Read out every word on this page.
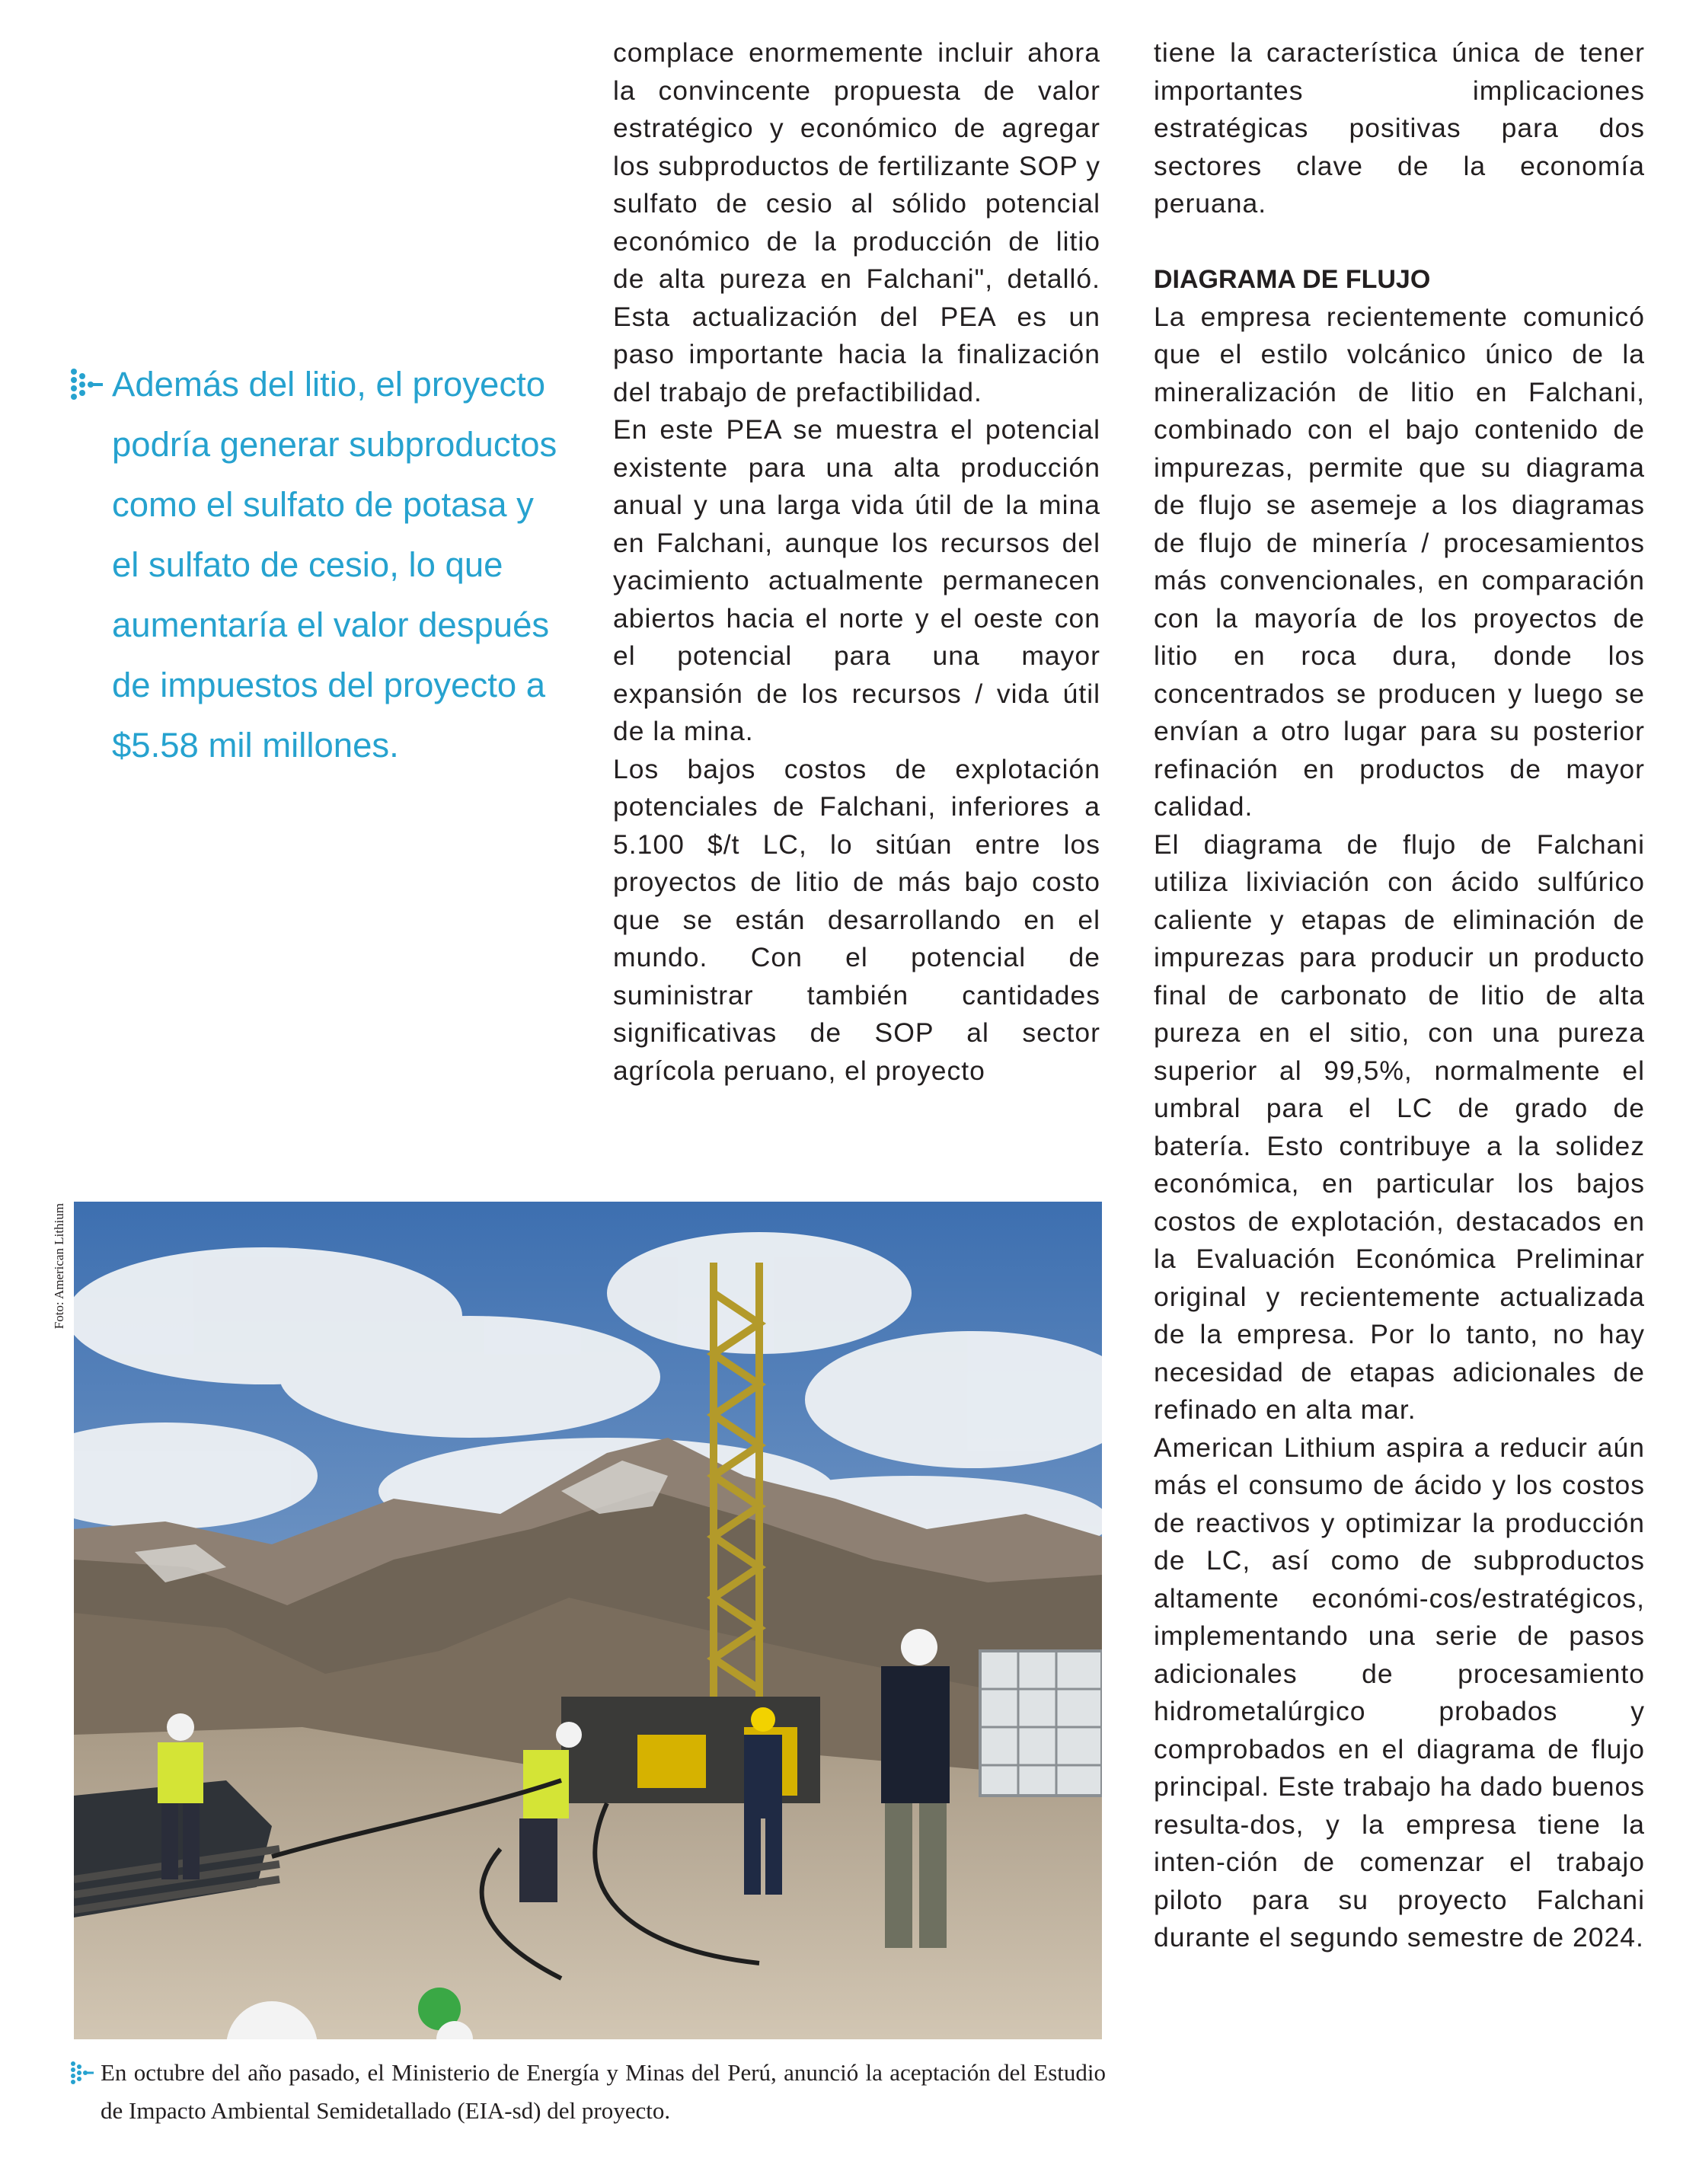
Además del litio, el proyecto podría generar subproductos como el sulfato de potasa y el sulfato de cesio, lo que aumentaría el valor después de impuestos del proyecto a $5.58 mil millones.

complace enormemente incluir ahora la convincente propuesta de valor estratégico y económico de agregar los subproductos de fertilizante SOP y sulfato de cesio al sólido potencial económico de la producción de litio de alta pureza en Falchani", detalló. Esta actualización del PEA es un paso importante hacia la finalización del trabajo de prefactibilidad.

En este PEA se muestra el potencial existente para una alta producción anual y una larga vida útil de la mina en Falchani, aunque los recursos del yacimiento actualmente permanecen abiertos hacia el norte y el oeste con el potencial para una mayor expansión de los recursos / vida útil de la mina.

Los bajos costos de explotación potenciales de Falchani, inferiores a 5.100 $/t LC, lo sitúan entre los proyectos de litio de más bajo costo que se están desarrollando en el mundo. Con el potencial de suministrar también cantidades significativas de SOP al sector agrícola peruano, el proyecto

tiene la característica única de tener importantes implicaciones estratégicas positivas para dos sectores clave de la economía peruana.

DIAGRAMA DE FLUJO

La empresa recientemente comunicó que el estilo volcánico único de la mineralización de litio en Falchani, combinado con el bajo contenido de impurezas, permite que su diagrama de flujo se asemeje a los diagramas de flujo de minería / procesamientos más convencionales, en comparación con la mayoría de los proyectos de litio en roca dura, donde los concentrados se producen y luego se envían a otro lugar para su posterior refinación en productos de mayor calidad.

El diagrama de flujo de Falchani utiliza lixiviación con ácido sulfúrico caliente y etapas de eliminación de impurezas para producir un producto final de carbonato de litio de alta pureza en el sitio, con una pureza superior al 99,5%, normalmente el umbral para el LC de grado de batería. Esto contribuye a la solidez económica, en particular los bajos costos de explotación, destacados en la Evaluación Económica Preliminar original y recientemente actualizada de la empresa. Por lo tanto, no hay necesidad de etapas adicionales de refinado en alta mar.

American Lithium aspira a reducir aún más el consumo de ácido y los costos de reactivos y optimizar la producción de LC, así como de subproductos altamente económi-cos/estratégicos, implementando una serie de pasos adicionales de procesamiento hidrometalúrgico probados y comprobados en el diagrama de flujo principal. Este trabajo ha dado buenos resulta-dos, y la empresa tiene la inten-ción de comenzar el trabajo piloto para su proyecto Falchani durante el segundo semestre de 2024.

Foto: American Lithium
En octubre del año pasado, el Ministerio de Energía y Minas del Perú, anunció la aceptación del Estudio de Impacto Ambiental Semidetallado (EIA-sd) del proyecto.
